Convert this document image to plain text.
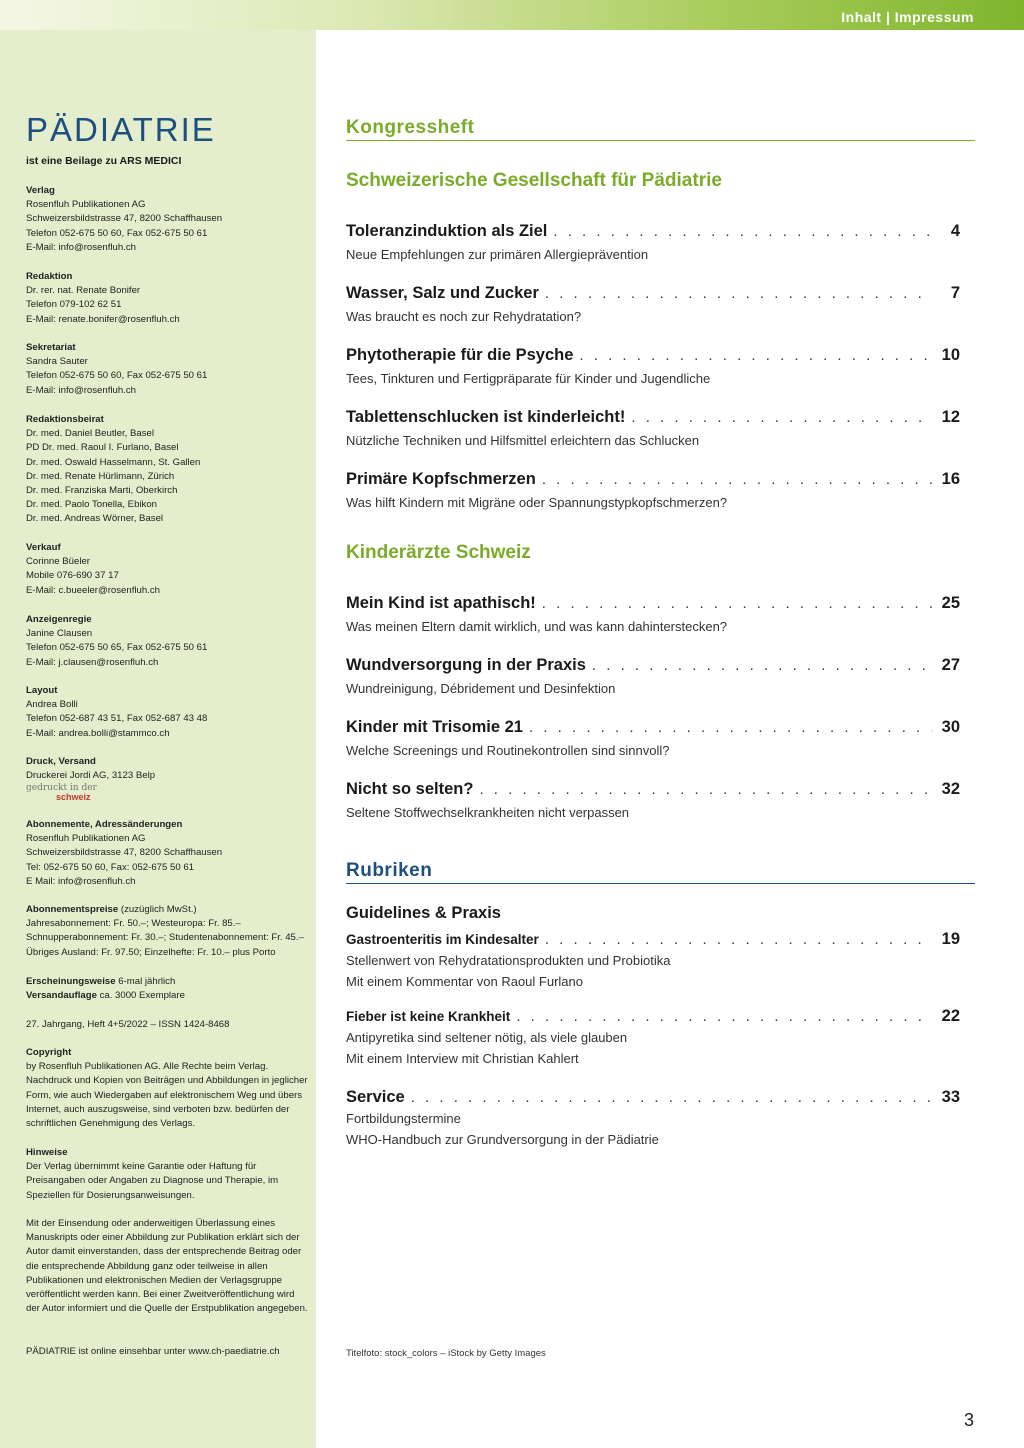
Inhalt | Impressum
PÄDIATRIE
ist eine Beilage zu ARS MEDICI
Verlag
Rosenfluh Publikationen AG
Schweizersbildstrasse 47, 8200 Schaffhausen
Telefon 052-675 50 60, Fax 052-675 50 61
E-Mail: info@rosenfluh.ch
Redaktion
Dr. rer. nat. Renate Bonifer
Telefon 079-102 62 51
E-Mail: renate.bonifer@rosenfluh.ch
Sekretariat
Sandra Sauter
Telefon 052-675 50 60, Fax 052-675 50 61
E-Mail: info@rosenfluh.ch
Redaktionsbeirat
Dr. med. Daniel Beutler, Basel
PD Dr. med. Raoul I. Furlano, Basel
Dr. med. Oswald Hasselmann, St. Gallen
Dr. med. Renate Hürlimann, Zürich
Dr. med. Franziska Marti, Oberkirch
Dr. med. Paolo Tonella, Ebikon
Dr. med. Andreas Wörner, Basel
Verkauf
Corinne Büeler
Mobile 076-690 37 17
E-Mail: c.bueeler@rosenfluh.ch
Anzeigenregie
Janine Clausen
Telefon 052-675 50 65, Fax 052-675 50 61
E-Mail: j.clausen@rosenfluh.ch
Layout
Andrea Bolli
Telefon 052-687 43 51, Fax 052-687 43 48
E-Mail: andrea.bolli@stammco.ch
Druck, Versand
Druckerei Jordi AG, 3123 Belp
gedruckt in der
schweiz
Abonnemente, Adressänderungen
Rosenfluh Publikationen AG
Schweizersbildstrasse 47, 8200 Schaffhausen
Tel: 052-675 50 60, Fax: 052-675 50 61
E Mail: info@rosenfluh.ch
Abonnementspreise (zuzüglich MwSt.)
Jahresabonnement: Fr. 50.–; Westeuropa: Fr. 85.–
Schnupperabonnement: Fr. 30.–; Studentenabonnement: Fr. 45.–
Übriges Ausland: Fr. 97.50; Einzelhefte: Fr. 10.– plus Porto
Erscheinungsweise 6-mal jährlich
Versandauflage ca. 3000 Exemplare
27. Jahrgang, Heft 4+5/2022 – ISSN 1424-8468
Copyright
by Rosenfluh Publikationen AG. Alle Rechte beim Verlag. Nachdruck und Kopien von Beiträgen und Abbildungen in jeglicher Form, wie auch Wiedergaben auf elektronischem Weg und übers Internet, auch auszugsweise, sind verboten bzw. bedürfen der schriftlichen Genehmigung des Verlags.
Hinweise
Der Verlag übernimmt keine Garantie oder Haftung für Preisangaben oder Angaben zu Diagnose und Therapie, im Speziellen für Dosierungsanweisungen.
Mit der Einsendung oder anderweitigen Überlassung eines Manuskripts oder einer Abbildung zur Publikation erklärt sich der Autor damit einverstanden, dass der entsprechende Beitrag oder die entsprechende Abbildung ganz oder teilweise in allen Publikationen und elektronischen Medien der Verlagsgruppe veröffentlicht werden kann. Bei einer Zweitveröffentlichung wird der Autor informiert und die Quelle der Erstpublikation angegeben.
PÄDIATRIE ist online einsehbar unter www.ch-paediatrie.ch
Kongressheft
Schweizerische Gesellschaft für Pädiatrie
Toleranzinduktion als Ziel . . .	4
Neue Empfehlungen zur primären Allergieprävention
Wasser, Salz und Zucker . . .	7
Was braucht es noch zur Rehydratation?
Phytotherapie für die Psyche . . .	10
Tees, Tinkturen und Fertigpräparate für Kinder und Jugendliche
Tablettenschlucken ist kinderleicht! . . .	12
Nützliche Techniken und Hilfsmittel erleichtern das Schlucken
Primäre Kopfschmerzen . . .	16
Was hilft Kindern mit Migräne oder Spannungstypkopfschmerzen?
Kinderärzte Schweiz
Mein Kind ist apathisch! . . .	25
Was meinen Eltern damit wirklich, und was kann dahinterstecken?
Wundversorgung in der Praxis . . .	27
Wundreinigung, Débridement und Desinfektion
Kinder mit Trisomie 21 . . .	30
Welche Screenings und Routinekontrollen sind sinnvoll?
Nicht so selten? . . .	32
Seltene Stoffwechselkrankheiten nicht verpassen
Rubriken
Guidelines & Praxis
Gastroenteritis im Kindesalter . . .	19
Stellenwert von Rehydratationsprodukten und Probiotika
Mit einem Kommentar von Raoul Furlano
Fieber ist keine Krankheit . . .	22
Antipyretika sind seltener nötig, als viele glauben
Mit einem Interview mit Christian Kahlert
Service . . .	33
Fortbildungstermine
WHO-Handbuch zur Grundversorgung in der Pädiatrie
Titelfoto: stock_colors – iStock by Getty Images
3
